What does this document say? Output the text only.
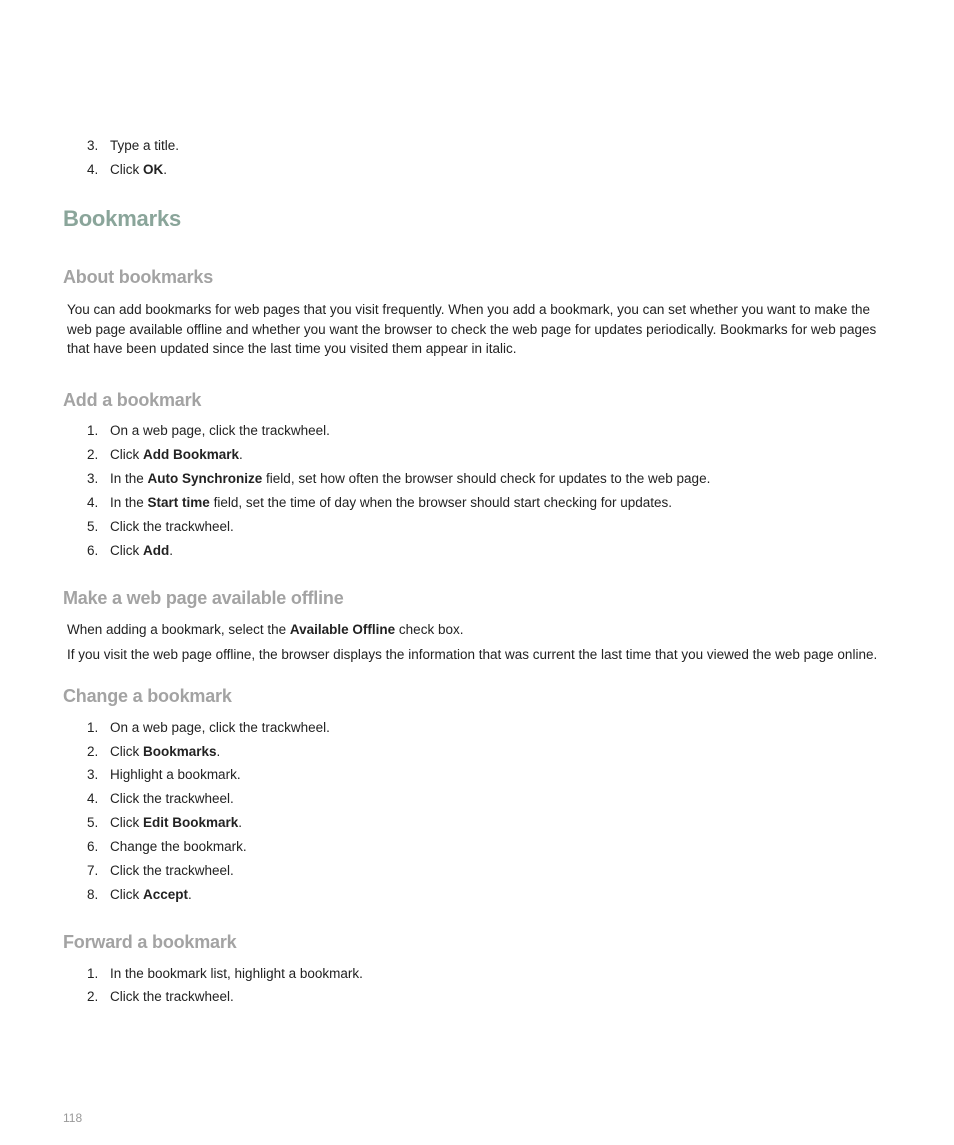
3. Type a title.
4. Click OK.
Bookmarks
About bookmarks
You can add bookmarks for web pages that you visit frequently. When you add a bookmark, you can set whether you want to make the web page available offline and whether you want the browser to check the web page for updates periodically. Bookmarks for web pages that have been updated since the last time you visited them appear in italic.
Add a bookmark
1. On a web page, click the trackwheel.
2. Click Add Bookmark.
3. In the Auto Synchronize field, set how often the browser should check for updates to the web page.
4. In the Start time field, set the time of day when the browser should start checking for updates.
5. Click the trackwheel.
6. Click Add.
Make a web page available offline
When adding a bookmark, select the Available Offline check box.
If you visit the web page offline, the browser displays the information that was current the last time that you viewed the web page online.
Change a bookmark
1. On a web page, click the trackwheel.
2. Click Bookmarks.
3. Highlight a bookmark.
4. Click the trackwheel.
5. Click Edit Bookmark.
6. Change the bookmark.
7. Click the trackwheel.
8. Click Accept.
Forward a bookmark
1. In the bookmark list, highlight a bookmark.
2. Click the trackwheel.
118
